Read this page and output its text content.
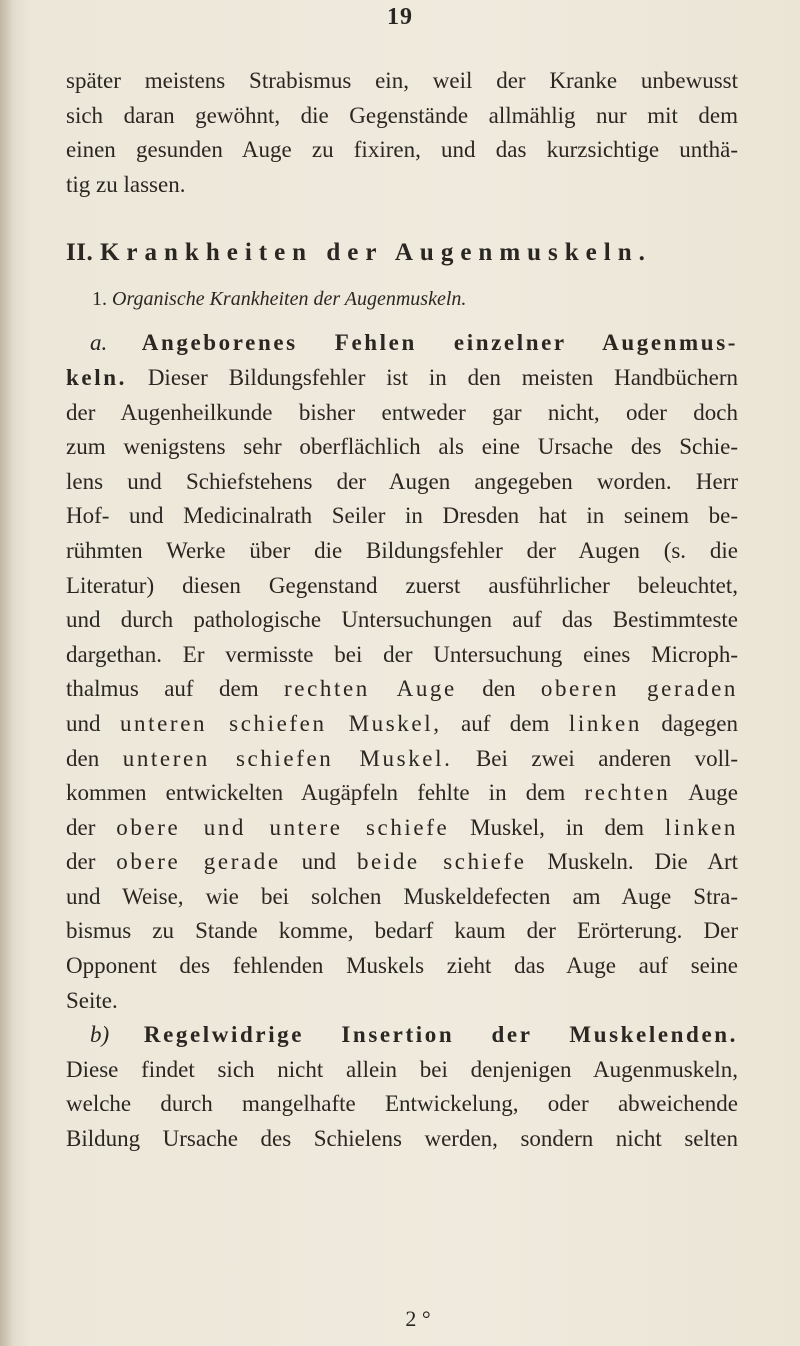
19
später meistens Strabismus ein, weil der Kranke unbewusst
sich daran gewöhnt, die Gegenstände allmählig nur mit dem
einen gesunden Auge zu fixiren, und das kurzsichtige unthä-
tig zu lassen.
II. Krankheiten der Augenmuskeln.
1. Organische Krankheiten der Augenmuskeln.
a. Angeborenes Fehlen einzelner Augenmus-
keln. Dieser Bildungsfehler ist in den meisten Handbüchern
der Augenheilkunde bisher entweder gar nicht, oder doch
zum wenigstens sehr oberflächlich als eine Ursache des Schie-
lens und Schiefstehens der Augen angegeben worden. Herr
Hof- und Medicinalrath Seiler in Dresden hat in seinem be-
rühmten Werke über die Bildungsfehler der Augen (s. die
Literatur) diesen Gegenstand zuerst ausführlicher beleuchtet,
und durch pathologische Untersuchungen auf das Bestimmteste
dargethan. Er vermisste bei der Untersuchung eines Microph-
thalmus auf dem rechten Auge den oberen geraden
und unteren schiefen Muskel, auf dem linken dagegen
den unteren schiefen Muskel. Bei zwei anderen voll-
kommen entwickelten Augäpfeln fehlte in dem rechten Auge
der obere und untere schiefe Muskel, in dem linken
der obere gerade und beide schiefe Muskeln. Die Art
und Weise, wie bei solchen Muskeldefecten am Auge Stra-
bismus zu Stande komme, bedarf kaum der Erörterung. Der
Opponent des fehlenden Muskels zieht das Auge auf seine
Seite.
b) Regelwidrige Insertion der Muskelenden.
Diese findet sich nicht allein bei denjenigen Augenmuskeln,
welche durch mangelhafte Entwickelung, oder abweichende
Bildung Ursache des Schielens werden, sondern nicht selten
2 °
